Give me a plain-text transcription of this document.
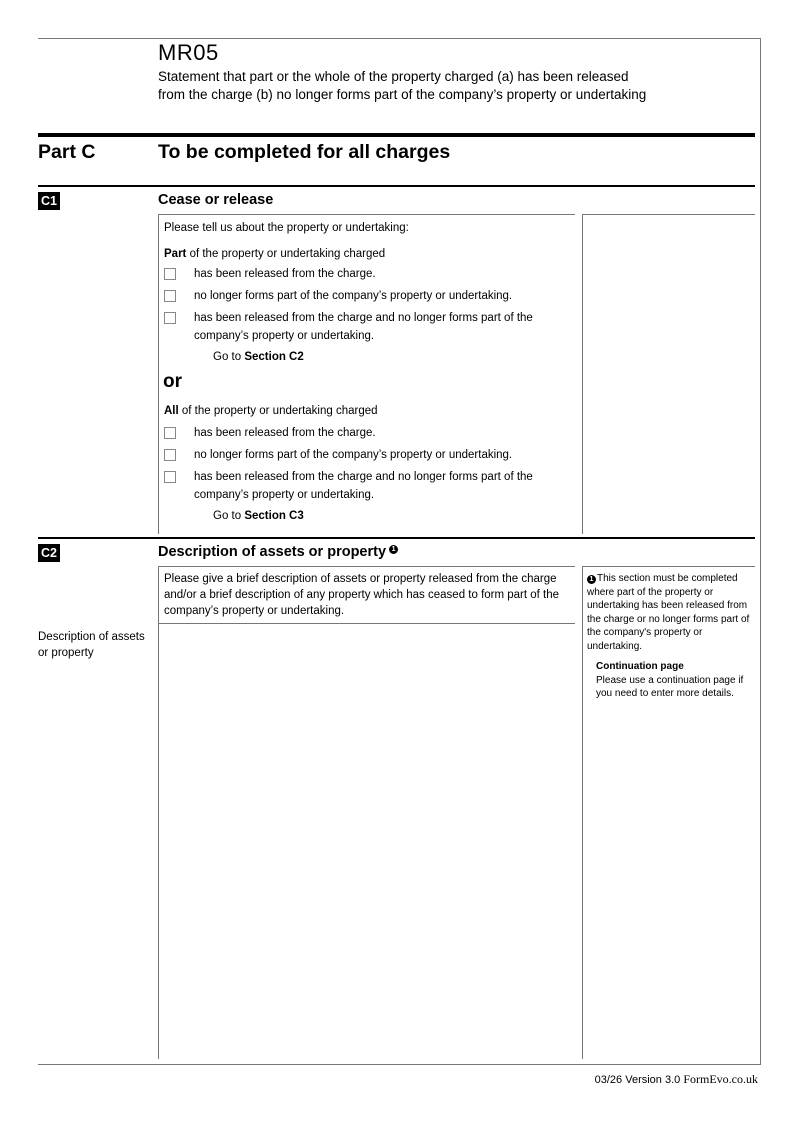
MR05
Statement that part or the whole of the property charged (a) has been released
from the charge (b) no longer forms part of the company’s property or undertaking
Part C	To be completed for all charges
C1	Cease or release
Please tell us about the property or undertaking:
Part of the property or undertaking charged
has been released from the charge.
no longer forms part of the company’s property or undertaking.
has been released from the charge and no longer forms part of the company’s property or undertaking.
Go to Section C2
or
All of the property or undertaking charged
has been released from the charge.
no longer forms part of the company’s property or undertaking.
has been released from the charge and no longer forms part of the company’s property or undertaking.
Go to Section C3
C2	Description of assets or property 1
Please give a brief description of assets or property released from the charge and/or a brief description of any property which has ceased to form part of the company’s property or undertaking.
Description of assets or property
1 This section must be completed where part of the property or undertaking has been released from the charge or no longer forms part of the company's property or undertaking.
Continuation page
Please use a continuation page if you need to enter more details.
03/26 Version 3.0 FormEvo.co.uk
